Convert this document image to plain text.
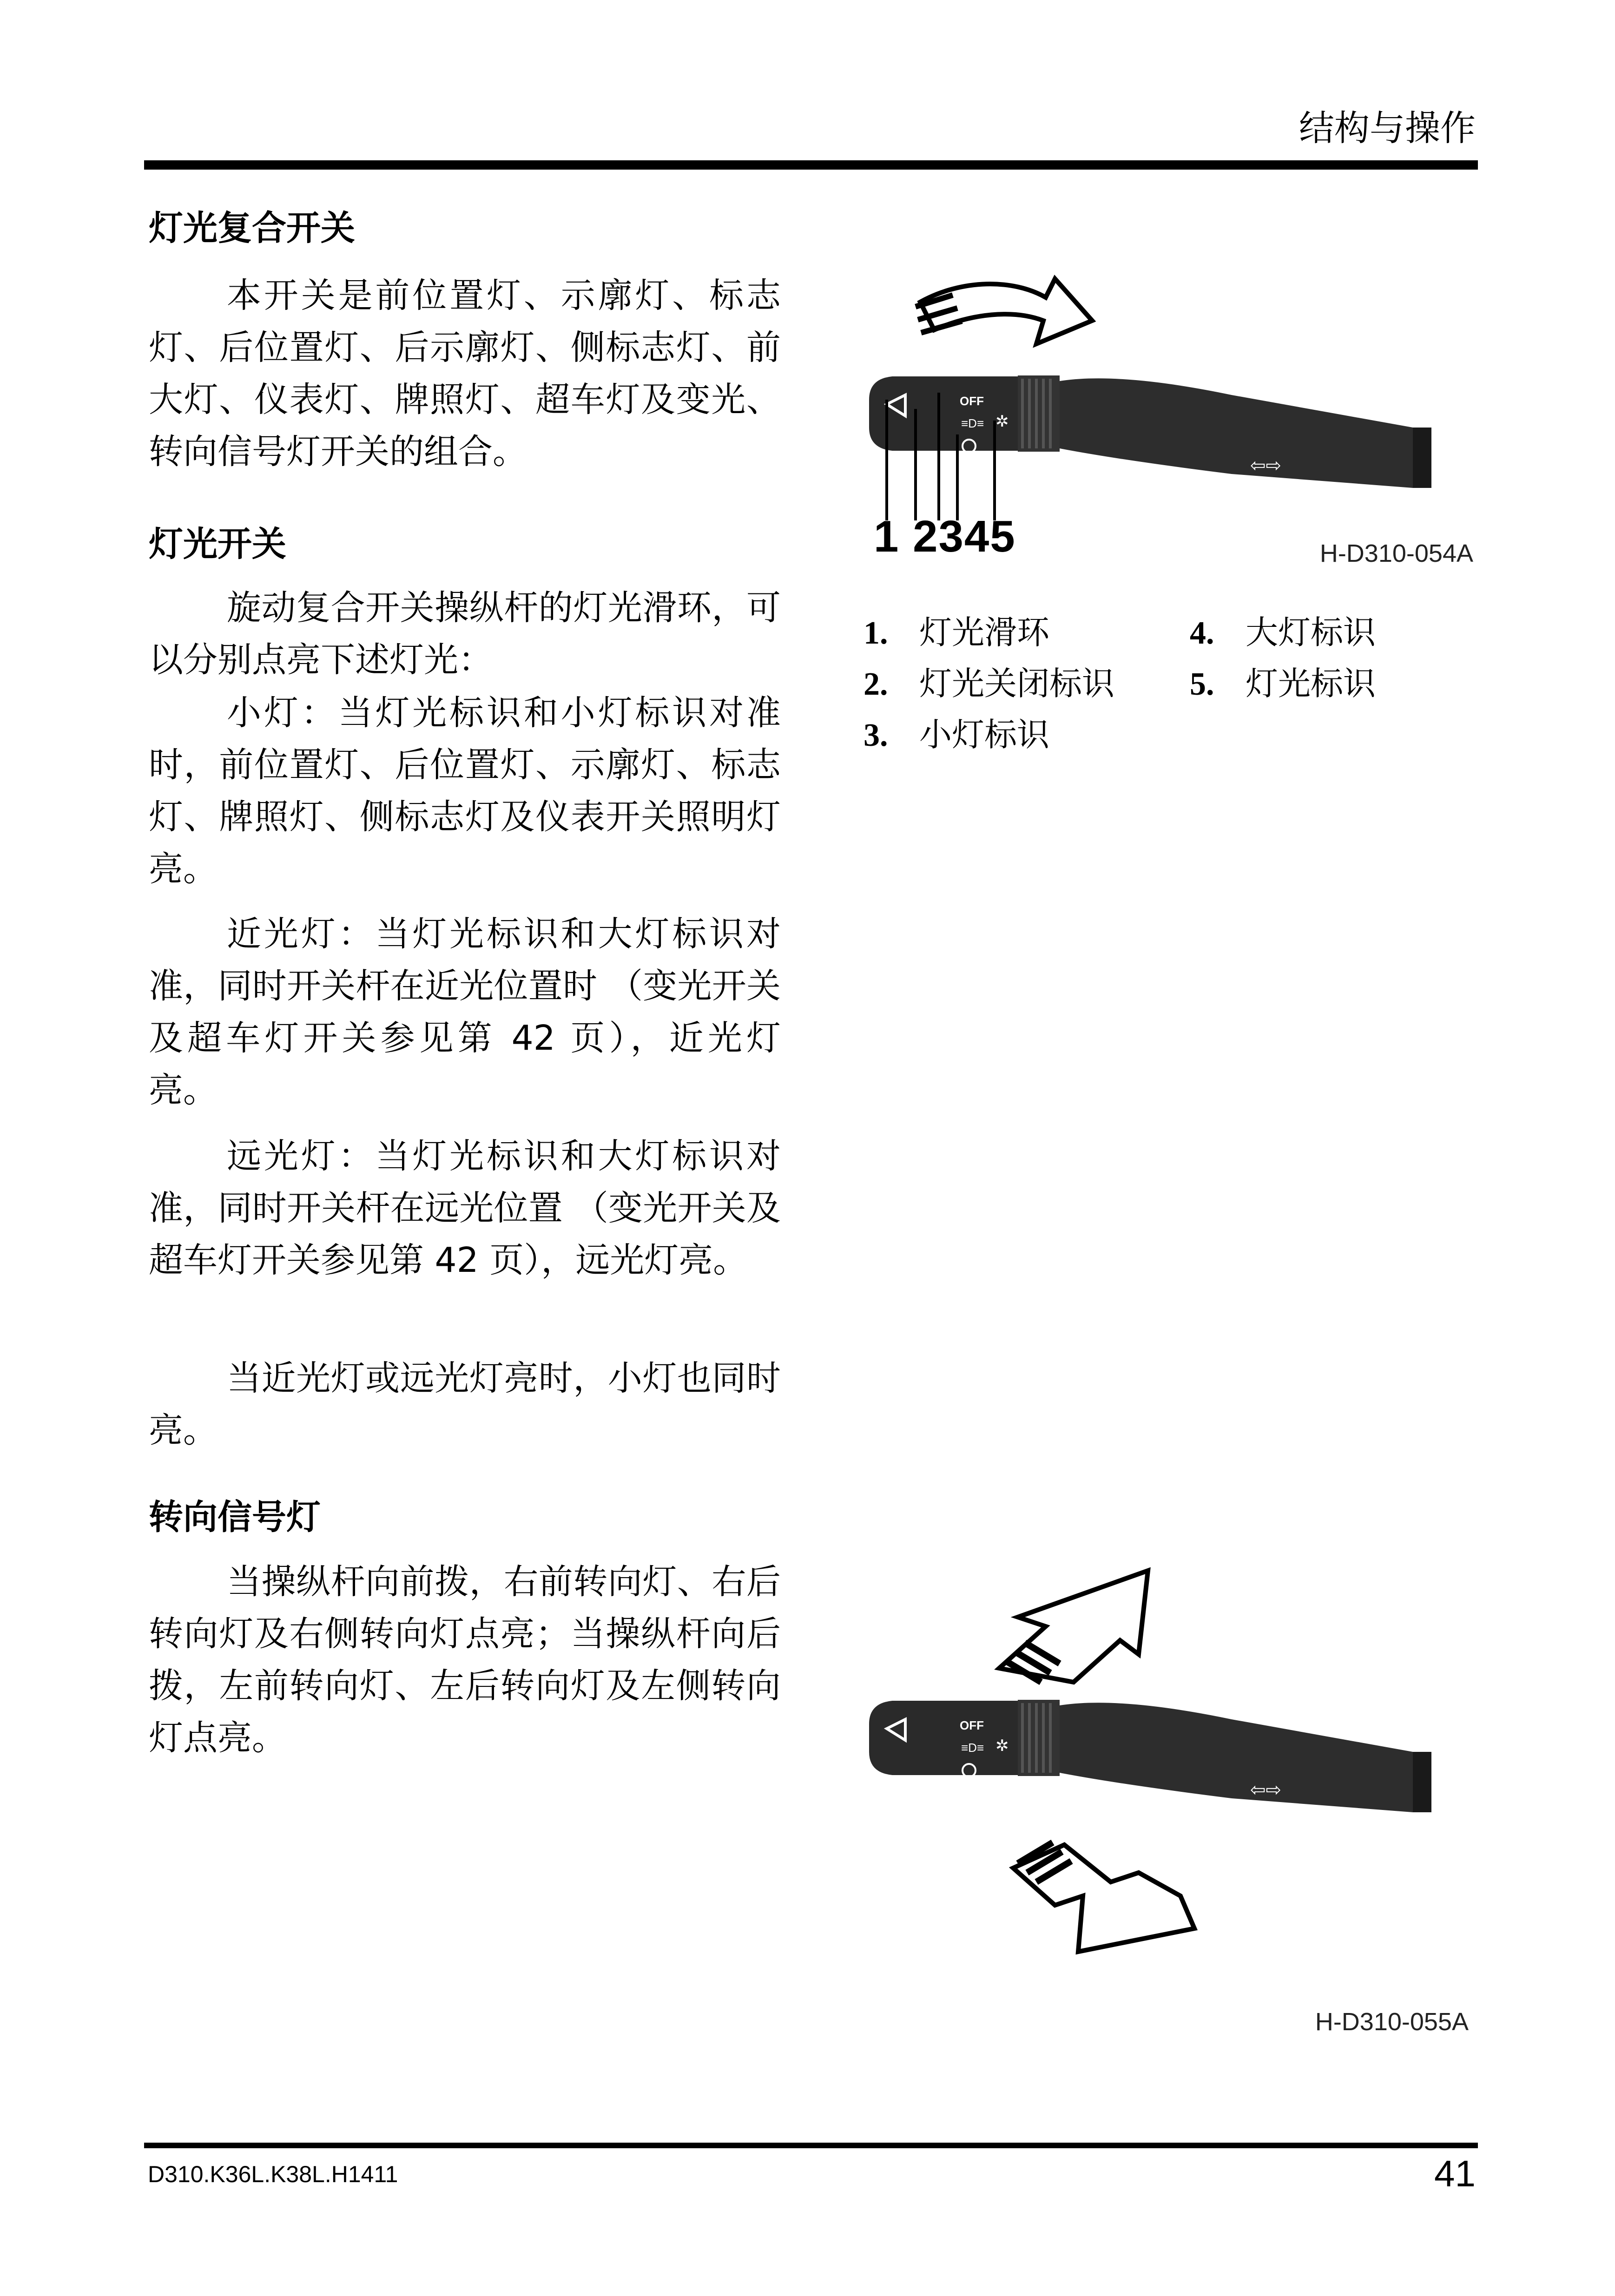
结构与操作
灯光复合开关
本开关是前位置灯、示廓灯、标志灯、后位置灯、后示廓灯、侧标志灯、前大灯、仪表灯、牌照灯、超车灯及变光、转向信号灯开关的组合。
灯光开关
旋动复合开关操纵杆的灯光滑环，可以分别点亮下述灯光：
小灯：当灯光标识和小灯标识对准时，前位置灯、后位置灯、示廓灯、标志灯、牌照灯、侧标志灯及仪表开关照明灯亮。
近光灯：当灯光标识和大灯标识对准，同时开关杆在近光位置时 （变光开关及超车灯开关参见第 42 页），近光灯亮。
远光灯：当灯光标识和大灯标识对准，同时开关杆在远光位置 （变光开关及超车灯开关参见第 42 页），远光灯亮。
当近光灯或远光灯亮时，小灯也同时亮。
转向信号灯
当操纵杆向前拨，右前转向灯、右后转向灯及右侧转向灯点亮；当操纵杆向后拨，左前转向灯、左后转向灯及左侧转向灯点亮。
OFF
≡D≡ ✲
⇦⇨
1 2345	H-D310-054A
1. 灯光滑环
2. 灯光关闭标识
3. 小灯标识
4. 大灯标识
5. 灯光标识
OFF
≡D≡ ✲
⇦⇨
H-D310-055A
D310.K36L.K38L.H1411	41
